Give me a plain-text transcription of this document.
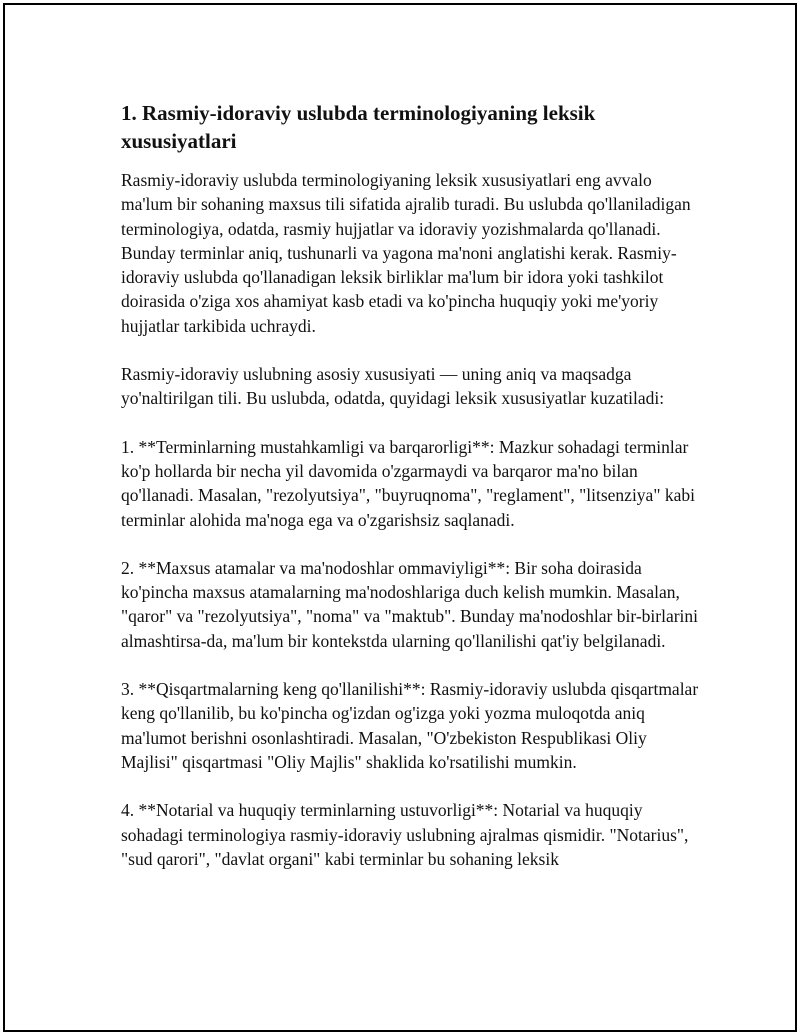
1. Rasmiy-idoraviy uslubda terminologiyaning leksik xususiyatlari

Rasmiy-idoraviy uslubda terminologiyaning leksik xususiyatlari eng avvalo ma'lum bir sohaning maxsus tili sifatida ajralib turadi. Bu uslubda qo'llaniladigan terminologiya, odatda, rasmiy hujjatlar va idoraviy yozishmalarda qo'llanadi. Bunday terminlar aniq, tushunarli va yagona ma'noni anglatishi kerak. Rasmiy-idoraviy uslubda qo'llanadigan leksik birliklar ma'lum bir idora yoki tashkilot doirasida o'ziga xos ahamiyat kasb etadi va ko'pincha huquqiy yoki me'yoriy hujjatlar tarkibida uchraydi.

Rasmiy-idoraviy uslubning asosiy xususiyati — uning aniq va maqsadga yo'naltirilgan tili. Bu uslubda, odatda, quyidagi leksik xususiyatlar kuzatiladi:

1. **Terminlarning mustahkamligi va barqarorligi**: Mazkur sohadagi terminlar ko'p hollarda bir necha yil davomida o'zgarmaydi va barqaror ma'no bilan qo'llanadi. Masalan, "rezolyutsiya", "buyruqnoma", "reglament", "litsenziya" kabi terminlar alohida ma'noga ega va o'zgarishsiz saqlanadi.

2. **Maxsus atamalar va ma'nodoshlar ommaviyligi**: Bir soha doirasida ko'pincha maxsus atamalarning ma'nodoshlariga duch kelish mumkin. Masalan, "qaror" va "rezolyutsiya", "noma" va "maktub". Bunday ma'nodoshlar bir-birlarini almashtirsa-da, ma'lum bir kontekstda ularning qo'llanilishi qat'iy belgilanadi.

3. **Qisqartmalarning keng qo'llanilishi**: Rasmiy-idoraviy uslubda qisqartmalar keng qo'llanilib, bu ko'pincha og'izdan og'izga yoki yozma muloqotda aniq ma'lumot berishni osonlashtiradi. Masalan, "O'zbekiston Respublikasi Oliy Majlisi" qisqartmasi "Oliy Majlis" shaklida ko'rsatilishi mumkin.

4. **Notarial va huquqiy terminlarning ustuvorligi**: Notarial va huquqiy sohadagi terminologiya rasmiy-idoraviy uslubning ajralmas qismidir. "Notarius", "sud qarori", "davlat organi" kabi terminlar bu sohaning leksik
